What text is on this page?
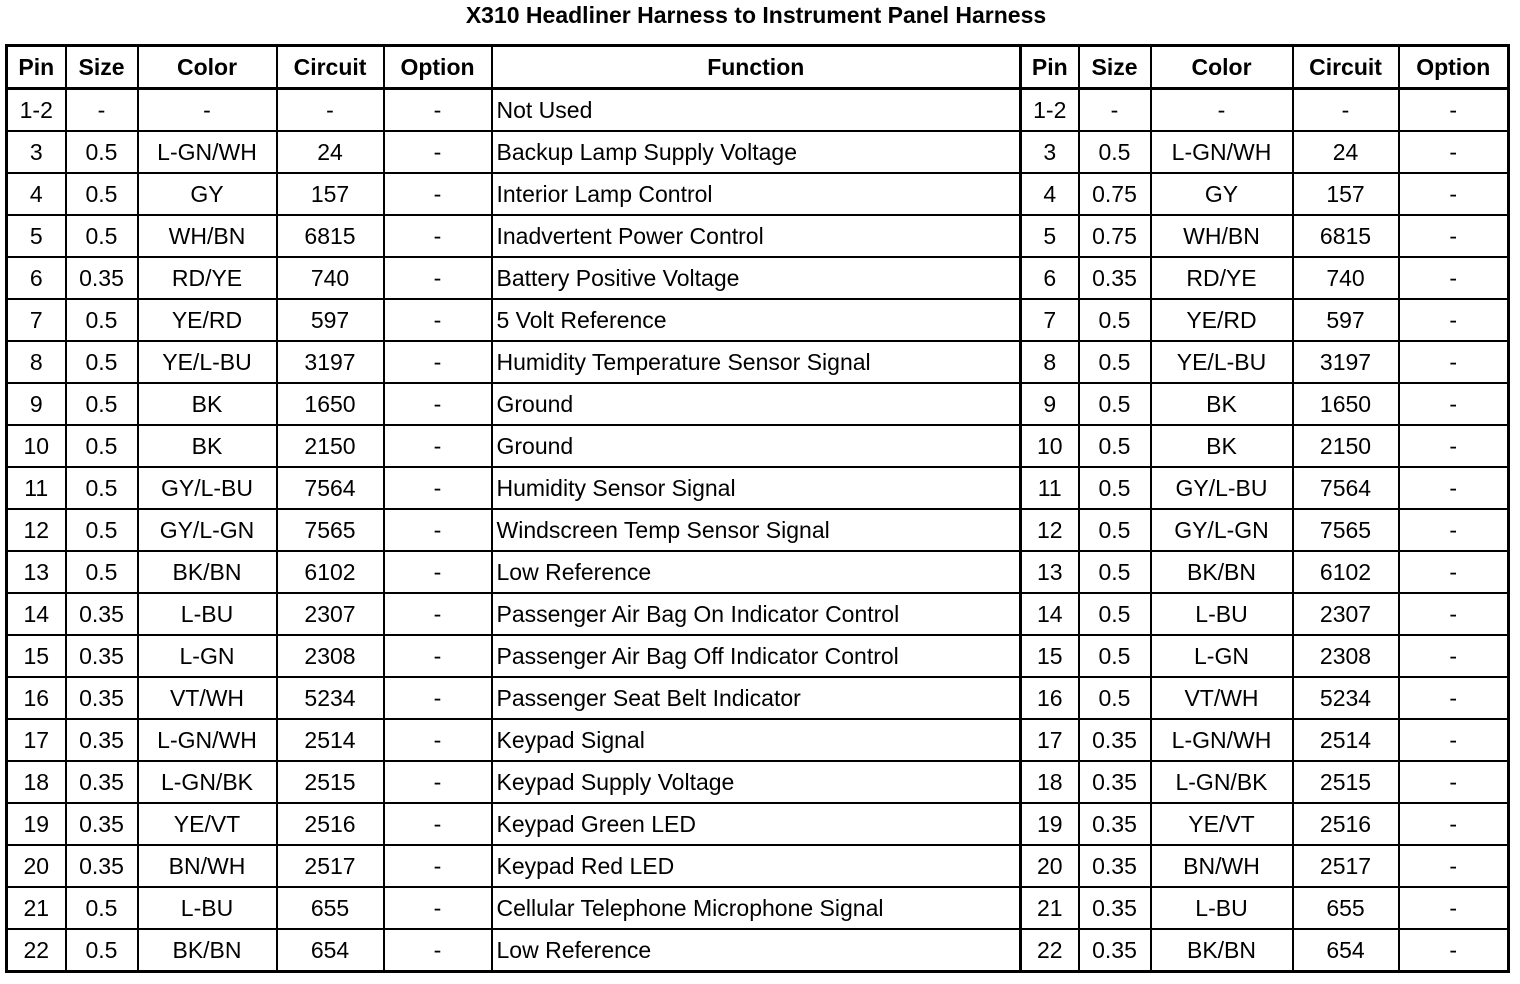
X310 Headliner Harness to Instrument Panel Harness
Pin	Size	Color	Circuit	Option	Function	Pin	Size	Color	Circuit	Option
1-2	-	-	-	-	Not Used	1-2	-	-	-	-
3	0.5	L-GN/WH	24	-	Backup Lamp Supply Voltage	3	0.5	L-GN/WH	24	-
4	0.5	GY	157	-	Interior Lamp Control	4	0.75	GY	157	-
5	0.5	WH/BN	6815	-	Inadvertent Power Control	5	0.75	WH/BN	6815	-
6	0.35	RD/YE	740	-	Battery Positive Voltage	6	0.35	RD/YE	740	-
7	0.5	YE/RD	597	-	5 Volt Reference	7	0.5	YE/RD	597	-
8	0.5	YE/L-BU	3197	-	Humidity Temperature Sensor Signal	8	0.5	YE/L-BU	3197	-
9	0.5	BK	1650	-	Ground	9	0.5	BK	1650	-
10	0.5	BK	2150	-	Ground	10	0.5	BK	2150	-
11	0.5	GY/L-BU	7564	-	Humidity Sensor Signal	11	0.5	GY/L-BU	7564	-
12	0.5	GY/L-GN	7565	-	Windscreen Temp Sensor Signal	12	0.5	GY/L-GN	7565	-
13	0.5	BK/BN	6102	-	Low Reference	13	0.5	BK/BN	6102	-
14	0.35	L-BU	2307	-	Passenger Air Bag On Indicator Control	14	0.5	L-BU	2307	-
15	0.35	L-GN	2308	-	Passenger Air Bag Off Indicator Control	15	0.5	L-GN	2308	-
16	0.35	VT/WH	5234	-	Passenger Seat Belt Indicator	16	0.5	VT/WH	5234	-
17	0.35	L-GN/WH	2514	-	Keypad Signal	17	0.35	L-GN/WH	2514	-
18	0.35	L-GN/BK	2515	-	Keypad Supply Voltage	18	0.35	L-GN/BK	2515	-
19	0.35	YE/VT	2516	-	Keypad Green LED	19	0.35	YE/VT	2516	-
20	0.35	BN/WH	2517	-	Keypad Red LED	20	0.35	BN/WH	2517	-
21	0.5	L-BU	655	-	Cellular Telephone Microphone Signal	21	0.35	L-BU	655	-
22	0.5	BK/BN	654	-	Low Reference	22	0.35	BK/BN	654	-
